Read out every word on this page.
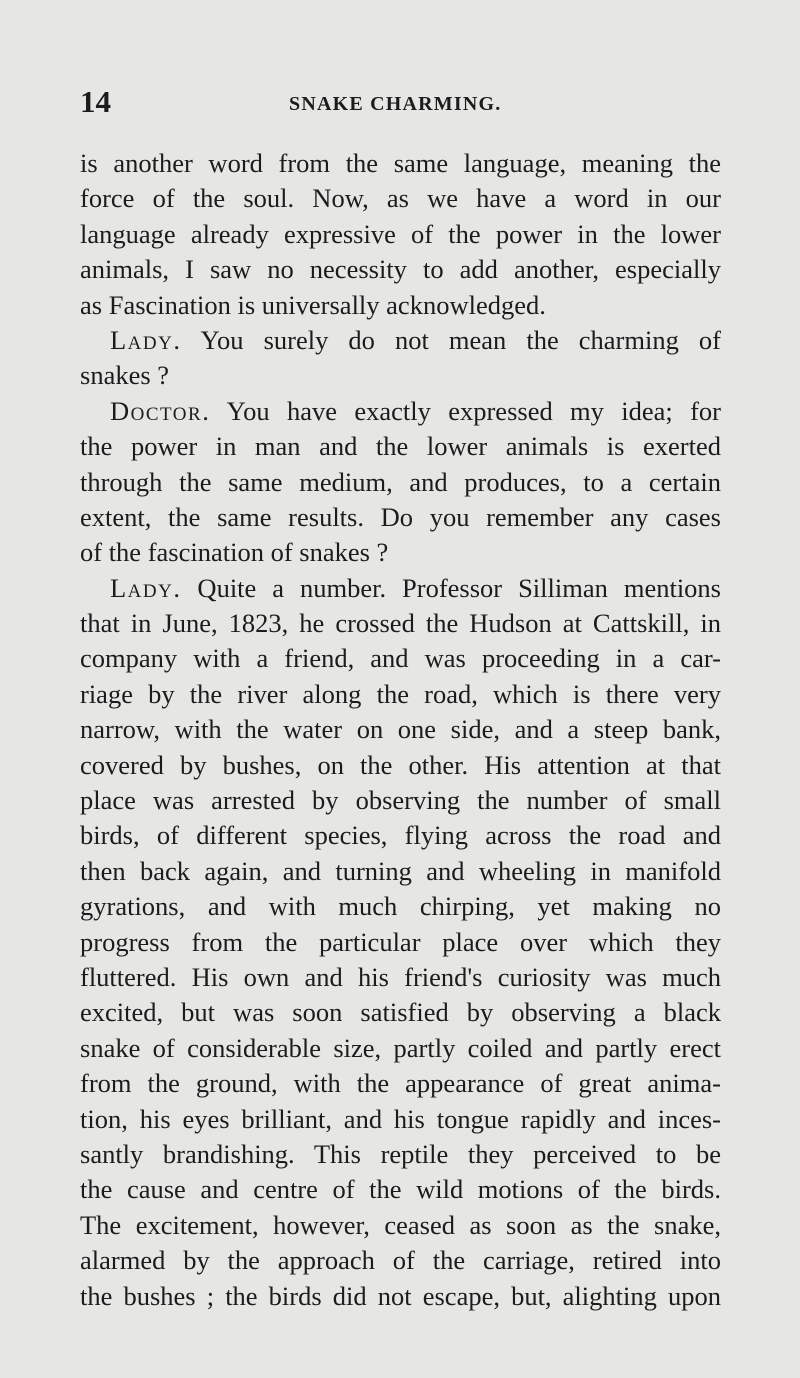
14	SNAKE CHARMING.
is another word from the same language, meaning the
force of the soul. Now, as we have a word in our
language already expressive of the power in the lower
animals, I saw no necessity to add another, especially
as Fascination is universally acknowledged.
Lady. You surely do not mean the charming of
snakes ?
Doctor. You have exactly expressed my idea; for
the power in man and the lower animals is exerted
through the same medium, and produces, to a certain
extent, the same results. Do you remember any cases
of the fascination of snakes ?
Lady. Quite a number. Professor Silliman mentions
that in June, 1823, he crossed the Hudson at Cattskill, in
company with a friend, and was proceeding in a car-
riage by the river along the road, which is there very
narrow, with the water on one side, and a steep bank,
covered by bushes, on the other. His attention at that
place was arrested by observing the number of small
birds, of different species, flying across the road and
then back again, and turning and wheeling in manifold
gyrations, and with much chirping, yet making no
progress from the particular place over which they
fluttered. His own and his friend's curiosity was much
excited, but was soon satisfied by observing a black
snake of considerable size, partly coiled and partly erect
from the ground, with the appearance of great anima-
tion, his eyes brilliant, and his tongue rapidly and inces-
santly brandishing. This reptile they perceived to be
the cause and centre of the wild motions of the birds.
The excitement, however, ceased as soon as the snake,
alarmed by the approach of the carriage, retired into
the bushes ; the birds did not escape, but, alighting upon
